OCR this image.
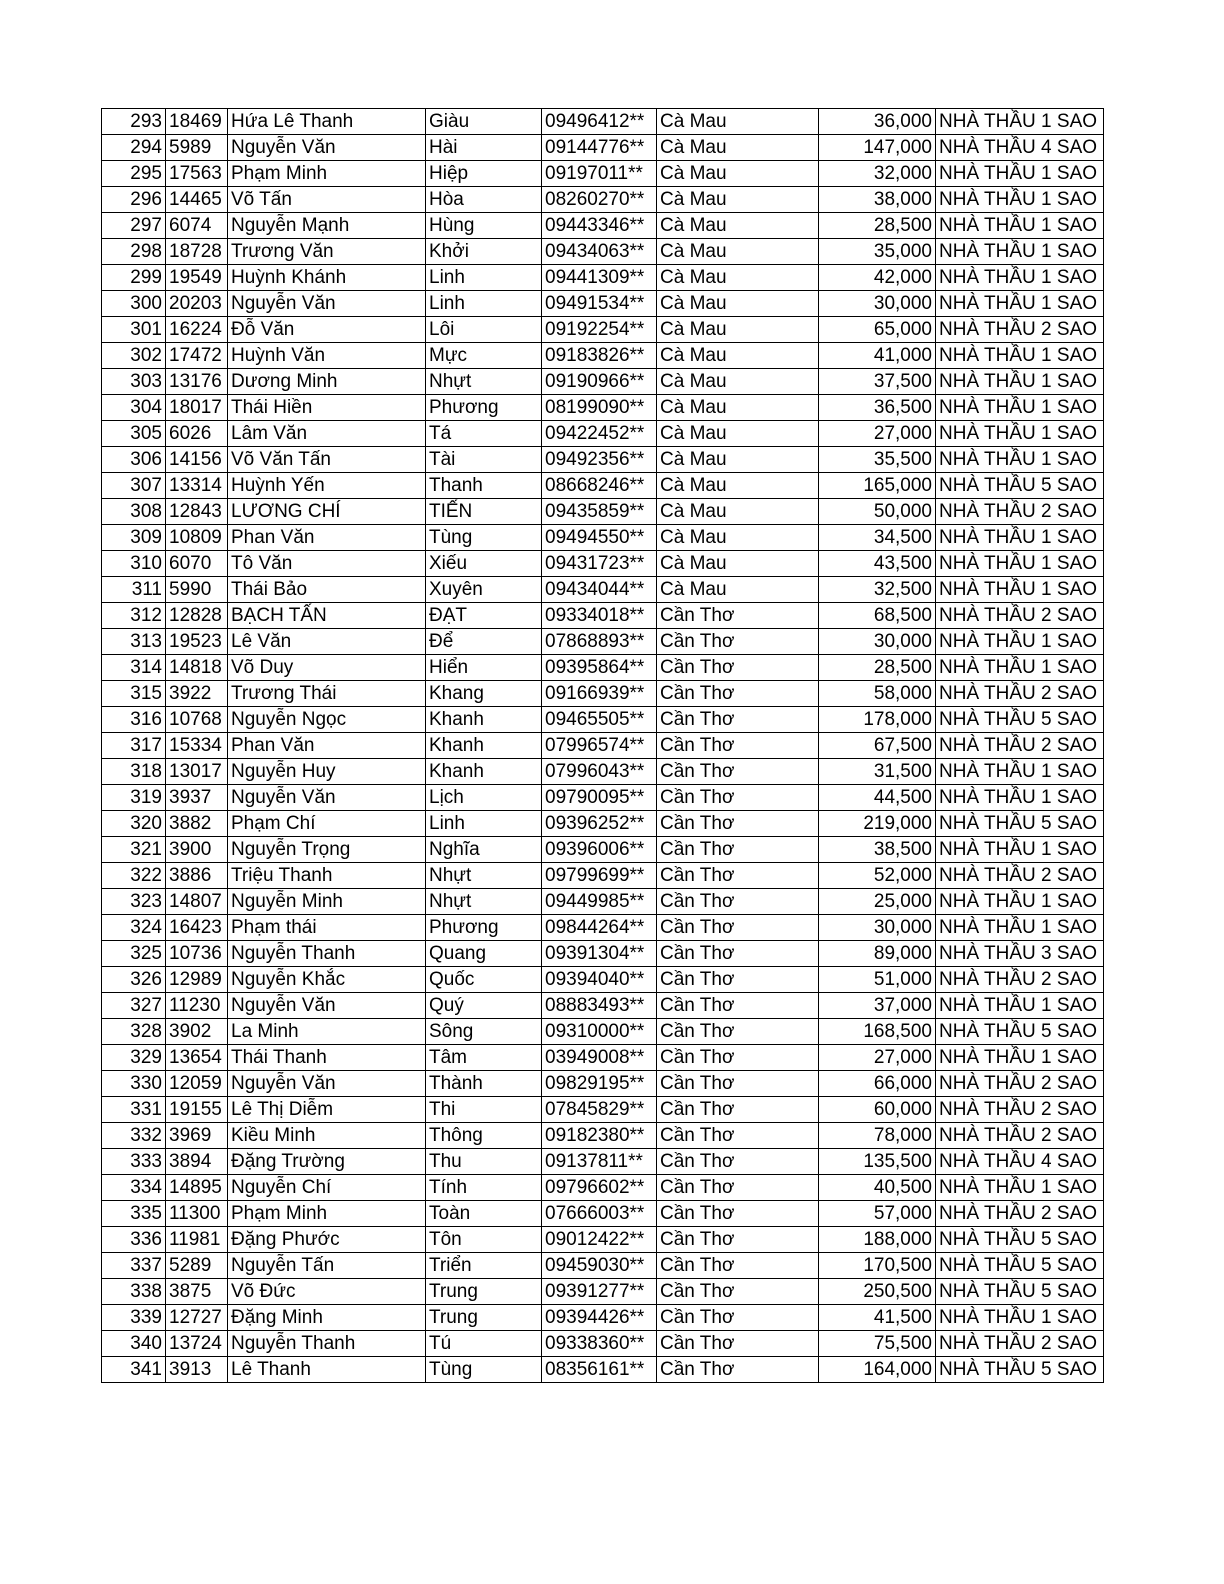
293	18469	Hứa Lê Thanh	Giàu	09496412**	Cà Mau	36,000	NHÀ THẦU 1 SAO
294	5989	Nguyễn Văn	Hài	09144776**	Cà Mau	147,000	NHÀ THẦU 4 SAO
295	17563	Phạm Minh	Hiệp	09197011**	Cà Mau	32,000	NHÀ THẦU 1 SAO
296	14465	Võ Tấn	Hòa	08260270**	Cà Mau	38,000	NHÀ THẦU 1 SAO
297	6074	Nguyễn Mạnh	Hùng	09443346**	Cà Mau	28,500	NHÀ THẦU 1 SAO
298	18728	Trương Văn	Khởi	09434063**	Cà Mau	35,000	NHÀ THẦU 1 SAO
299	19549	Huỳnh Khánh	Linh	09441309**	Cà Mau	42,000	NHÀ THẦU 1 SAO
300	20203	Nguyễn Văn	Linh	09491534**	Cà Mau	30,000	NHÀ THẦU 1 SAO
301	16224	Đỗ Văn	Lôi	09192254**	Cà Mau	65,000	NHÀ THẦU 2 SAO
302	17472	Huỳnh Văn	Mực	09183826**	Cà Mau	41,000	NHÀ THẦU 1 SAO
303	13176	Dương Minh	Nhựt	09190966**	Cà Mau	37,500	NHÀ THẦU 1 SAO
304	18017	Thái Hiền	Phương	08199090**	Cà Mau	36,500	NHÀ THẦU 1 SAO
305	6026	Lâm Văn	Tá	09422452**	Cà Mau	27,000	NHÀ THẦU 1 SAO
306	14156	Võ Văn Tấn	Tài	09492356**	Cà Mau	35,500	NHÀ THẦU 1 SAO
307	13314	Huỳnh Yến	Thanh	08668246**	Cà Mau	165,000	NHÀ THẦU 5 SAO
308	12843	LƯƠNG CHÍ	TIẾN	09435859**	Cà Mau	50,000	NHÀ THẦU 2 SAO
309	10809	Phan Văn	Tùng	09494550**	Cà Mau	34,500	NHÀ THẦU 1 SAO
310	6070	Tô Văn	Xiếu	09431723**	Cà Mau	43,500	NHÀ THẦU 1 SAO
311	5990	Thái Bảo	Xuyên	09434044**	Cà Mau	32,500	NHÀ THẦU 1 SAO
312	12828	BẠCH TẤN	ĐẠT	09334018**	Cần Thơ	68,500	NHÀ THẦU 2 SAO
313	19523	Lê Văn	Để	07868893**	Cần Thơ	30,000	NHÀ THẦU 1 SAO
314	14818	Võ Duy	Hiển	09395864**	Cần Thơ	28,500	NHÀ THẦU 1 SAO
315	3922	Trương Thái	Khang	09166939**	Cần Thơ	58,000	NHÀ THẦU 2 SAO
316	10768	Nguyễn Ngọc	Khanh	09465505**	Cần Thơ	178,000	NHÀ THẦU 5 SAO
317	15334	Phan Văn	Khanh	07996574**	Cần Thơ	67,500	NHÀ THẦU 2 SAO
318	13017	Nguyễn Huy	Khanh	07996043**	Cần Thơ	31,500	NHÀ THẦU 1 SAO
319	3937	Nguyễn Văn	Lịch	09790095**	Cần Thơ	44,500	NHÀ THẦU 1 SAO
320	3882	Phạm Chí	Linh	09396252**	Cần Thơ	219,000	NHÀ THẦU 5 SAO
321	3900	Nguyễn Trọng	Nghĩa	09396006**	Cần Thơ	38,500	NHÀ THẦU 1 SAO
322	3886	Triệu Thanh	Nhựt	09799699**	Cần Thơ	52,000	NHÀ THẦU 2 SAO
323	14807	Nguyễn Minh	Nhựt	09449985**	Cần Thơ	25,000	NHÀ THẦU 1 SAO
324	16423	Phạm thái	Phương	09844264**	Cần Thơ	30,000	NHÀ THẦU 1 SAO
325	10736	Nguyễn Thanh	Quang	09391304**	Cần Thơ	89,000	NHÀ THẦU 3 SAO
326	12989	Nguyễn Khắc	Quốc	09394040**	Cần Thơ	51,000	NHÀ THẦU 2 SAO
327	11230	Nguyễn Văn	Quý	08883493**	Cần Thơ	37,000	NHÀ THẦU 1 SAO
328	3902	La Minh	Sông	09310000**	Cần Thơ	168,500	NHÀ THẦU 5 SAO
329	13654	Thái Thanh	Tâm	03949008**	Cần Thơ	27,000	NHÀ THẦU 1 SAO
330	12059	Nguyễn Văn	Thành	09829195**	Cần Thơ	66,000	NHÀ THẦU 2 SAO
331	19155	Lê Thị Diễm	Thi	07845829**	Cần Thơ	60,000	NHÀ THẦU 2 SAO
332	3969	Kiều Minh	Thông	09182380**	Cần Thơ	78,000	NHÀ THẦU 2 SAO
333	3894	Đặng Trường	Thu	09137811**	Cần Thơ	135,500	NHÀ THẦU 4 SAO
334	14895	Nguyễn Chí	Tính	09796602**	Cần Thơ	40,500	NHÀ THẦU 1 SAO
335	11300	Phạm Minh	Toàn	07666003**	Cần Thơ	57,000	NHÀ THẦU 2 SAO
336	11981	Đặng Phước	Tôn	09012422**	Cần Thơ	188,000	NHÀ THẦU 5 SAO
337	5289	Nguyễn Tấn	Triển	09459030**	Cần Thơ	170,500	NHÀ THẦU 5 SAO
338	3875	Võ Đức	Trung	09391277**	Cần Thơ	250,500	NHÀ THẦU 5 SAO
339	12727	Đặng Minh	Trung	09394426**	Cần Thơ	41,500	NHÀ THẦU 1 SAO
340	13724	Nguyễn Thanh	Tú	09338360**	Cần Thơ	75,500	NHÀ THẦU 2 SAO
341	3913	Lê Thanh	Tùng	08356161**	Cần Thơ	164,000	NHÀ THẦU 5 SAO
